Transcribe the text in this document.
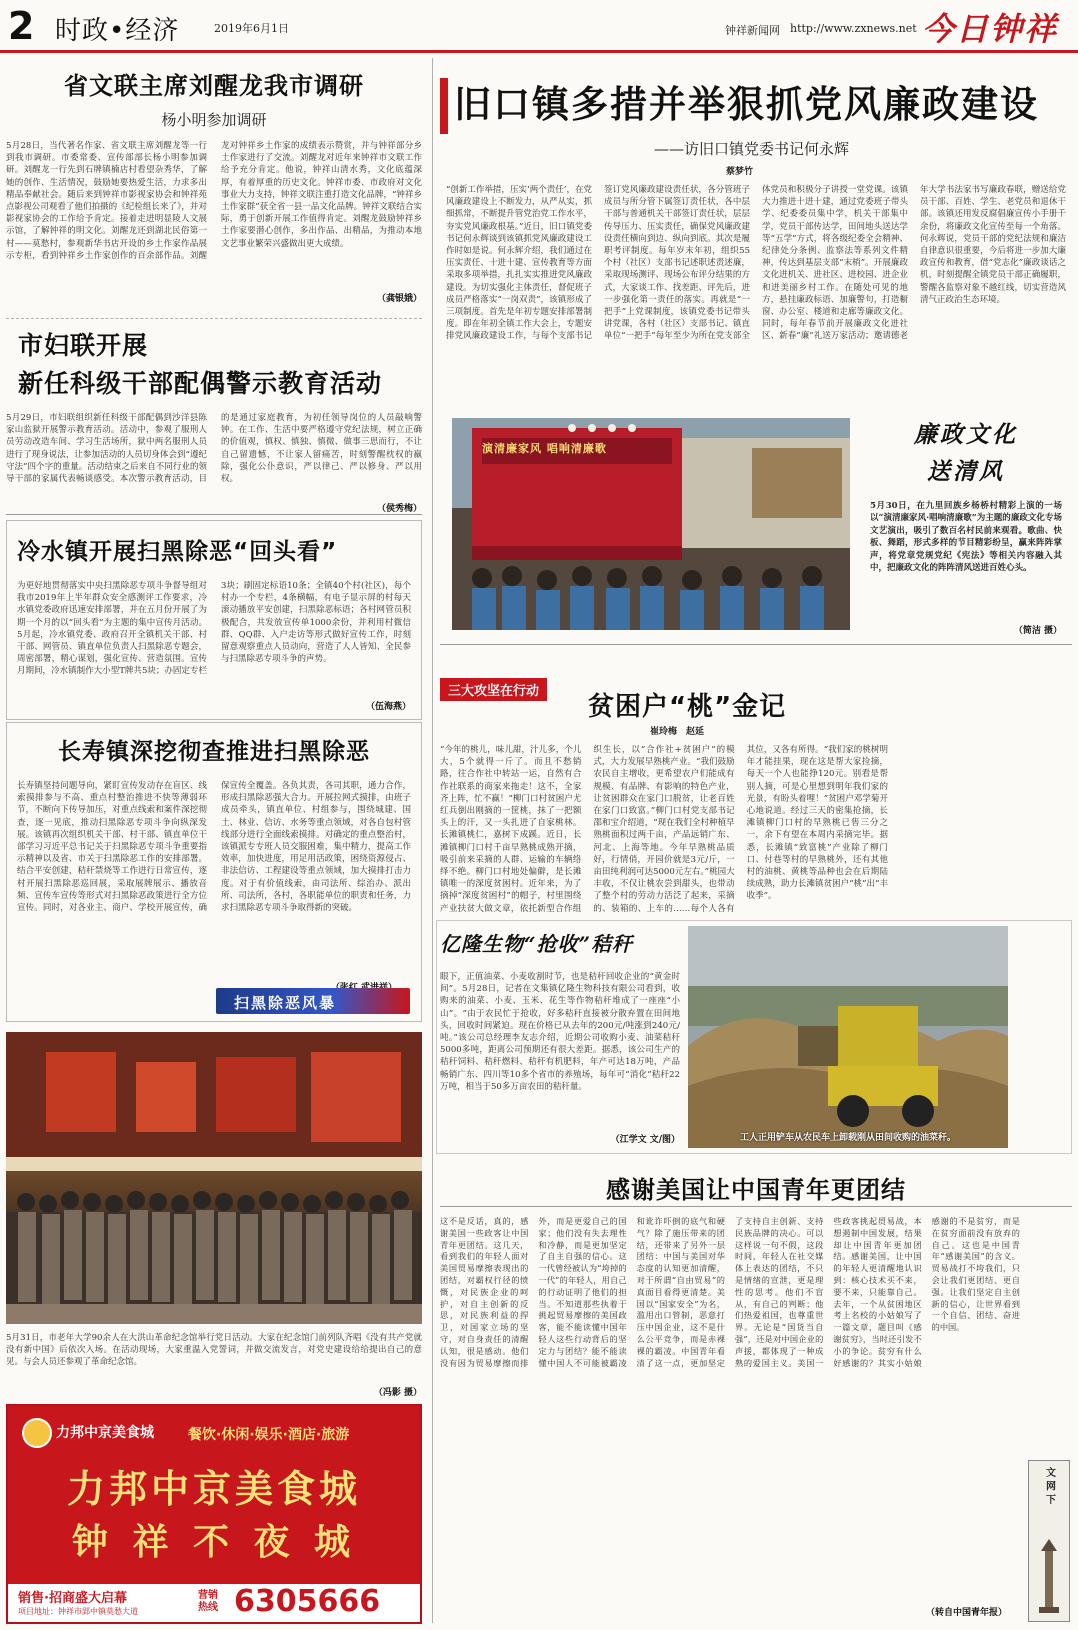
2 时政•经济	2019年6月1日	钟祥新闻网 http://www.zxnews.net 今日钟祥
省文联主席刘醒龙我市调研
杨小明参加调研
5月28日，当代著名作家、省文联主席刘醒龙等一行到我市调研。市委常委、宣传部部长杨小明参加调研。刘醒龙一行先到石牌镇楠店村看望杂秀华，了解她的创作、生活情况，鼓励她要热爱生活，力求多出精品奉献社会。随后来到钟祥市影视家协会和钟祥苑点影视公司观看了他们拍摄的《纪检组长来了》，并对影视家协会的工作给予肯定。接着走进明显陵人文展示馆，了解钟祥的明文化。刘醒龙还到湖北民俗第一村——莫愁村，参观新华书店开设的乡土作家作品展示专柜，看到钟祥乡土作家创作的百余部作品。刘醒龙对钟祥乡土作家的成绩表示赞赏，并与钟祥部分乡土作家进行了交流。刘醒龙对近年来钟祥市文联工作给予充分肯定。他说，钟祥山清水秀，文化底蕴深厚，有着厚重的历史文化。钟祥市委、市政府对文化事业大力支持，钟祥文联注重打造文化品牌，“钟祥乡土作家群”获全省一县一品文化品牌。钟祥文联结合实际，勇于创新开展工作值得肯定。刘醒龙鼓励钟祥乡土作家要潜心创作，多出作品、出精品，为推动本地文艺事业繁荣兴盛做出更大成绩。
（龚银娥）
市妇联开展
新任科级干部配偶警示教育活动
5月29日，市妇联组织新任科级干部配偶到沙洋县陈家山监狱开展警示教育活动。活动中，参观了服刑人员劳动改造车间、学习生活场所，狱中两名服刑人员进行了现身说法，让参加活动的人员切身体会到“遵纪守法”四个字的重量。活动结束之后来自不同行业的领导干部的家属代表畅谈感受。本次警示教育活动，目的是通过家庭教育，为初任领导岗位的人员敲响警钟。在工作、生活中要严格遵守党纪法规，树立正确的价值观，慎权、慎独、慎微、做事三思而行，不让自己留遗憾，不让家人留痛苦，时刻警醒枕权的羸除，强化公仆意识，严以律己、严以修身、严以用权。
（侯秀梅）
冷水镇开展扫黑除恶“回头看”
为更好地贯彻落实中央扫黑除恶专项斗争督导组对我市2019年上半年群众安全感测评工作要求，冷水镇党委政府迅速安排部署，并在五月份开展了为期一个月的以“回头看”为主题的集中宣传月活动。5月起，冷水镇党委、政府召开全镇机关干部、村干部、网管员、镇直单位负责人扫黑除恶专题会，周密部署，精心谋划，强化宣传、营造氛围。宣传月期间，冷水镇制作大小型T牌共5块；办固定专栏3块；刷固定标语10条；全镇40个村(社区)，每个村办一个专栏，4条横幅，有电子显示屏的村每天滚动播放平安创建，扫黑除恶标语；各村网管员积极配合，共发放宣传单1000余份，并利用村微信群、QQ群、入户走访等形式做好宣传工作，时刻留意观察重点人员动向，营造了人人皆知、全民参与扫黑除恶专项斗争的声势。
（伍海燕）
长寿镇深挖彻查推进扫黑除恶
长寿镇坚持问题导向，紧盯宣传发动存在盲区、线索摸排参与不高、重点村整治推进不快等薄弱环节，不断向下传导加压，对重点线索和案件深挖彻查，逐一见底，推动扫黑除恶专项斗争向纵深发展。该镇再次组织机关干部、村干部、镇直单位干部学习习近平总书记关于扫黑除恶专项斗争重要指示精神以及省、市关于扫黑除恶工作的安排部署。结合平安创建，秸秆禁烧等工作进行日常宣传，逐村开展扫黑除恶巡回展，采取展牌展示、播放音频、宣传车宣传等形式对扫黑除恶政策进行全方位宣传。同时，对各业主、商户、学校开展宣传，确保宣传全覆盖。各负其责，各司其职，通力合作，形成扫黑除恶强大合力。开展拉网式摸排，由班子成员牵头，镇直单位、村组参与，围绕城建、国土、林业、信访、水务等重点领域，对各自包村管线部分进行全面线索摸排。对确定的重点整治村，该镇派专专班人员交服困难，集中精力，提高工作效率，加快进度，用足用活政策，困绕资源侵占、非法信访、工程建设等重点领域，加大摸排打击力度。对于有价值线索，由司法所、综治办、派出所、司法所，各村，各职能单位的职责和任务，力求扫黑除恶专项斗争取得新的突破。
扫黑除恶风暴
5月31日，市老年大学90余人在大洪山革命纪念馆举行党日活动。大家在纪念馆门前列队齐唱《没有共产党就没有新中国》后依次入场。在活动现场，大家重温入党誓词，并做交流发言，对党史建设给给提出自己的意见。与会人员还参观了革命纪念馆。
（冯影 摄）
力邦中京美食城 餐饮·休闲·娱乐·酒店·旅游
力邦中京美食城
钟 祥 不 夜 城
销售·招商盛大启幕
项目地址：钟祥市郢中镇莫愁大道
营销热线 6305666
旧口镇多措并举狠抓党风廉政建设
——访旧口镇党委书记何永辉
蔡梦竹
“创新工作举措，压实‘两个责任’，在党风廉政建设上不断发力，从严从实，抓细抓常，不断提升管党治党工作水平，夯实党风廉政根基。”近日，旧口镇党委书记何永辉谈到该镇抓党风廉政建设工作时如是说。何永辉介绍，我们通过在压实责任、十进十建、宣传教育等方面采取多项举措，扎扎实实推进党风廉政建设。为切实强化主体责任，督促班子成员严格落实“一岗双责”，该镇形成了三项制度。首先是年初专题安排部署制度。即在年初全镇工作大会上，专题安排党风廉政建设工作，与每个支部书记签订党风廉政建设责任状，各分管班子成员与所分管下属签订责任状，各中层干部与普通机关干部签订责任状，层层传导压力、压实责任，确保党风廉政建设责任横向到边、纵向到底。其次是履职考评制度。每年岁末年初，组织55个村（社区）支部书记述职述责述廉，采取现场测评、现场公布评分结果的方式，大家谈工作、找差距、评先后，进一步强化第一责任的落实。再就是“一把手”上党课制度，该镇党委书记带头讲党课，各村（社区）支部书记、镇直单位“一把手”每年至少为所在党支部全体党员和积极分子讲授一堂党课。该镇大力推进十进十建，通过党委班子带头学、纪委委员集中学，机关干部集中学，党员干部传达学，田间地头送达学等“五学”方式，将各级纪委全会精神、纪律处分条例、监察法等系列文件精神，传达到基层支部“末梢”。开展廉政文化进机关、进社区、进校园、进企业和进美丽乡村工作。在随处可见的地方，悬挂廉政标语、加廉警句，打造橱窗、办公室、楼道和走廊等廉政文化。同时，每年春节前开展廉政文化进社区、新春“廉”礼送万家活动；邀请德老年大学书法家书写廉政春联，赠送给党员干部、百姓、学生、老党员和退休干部。该镇还用发反腐倡廉宣传小手册千余份，将廉政文化宣传至每一个角落。何永辉说，党员干部的党纪法规和廉洁自律意识很重要，今后将进一步加大廉政宣传和教育，借“党志化”廉政谈话之机，时刻提醒全镇党员干部正确履职，警醒各监察对象不越红线，切实营造风清气正政治生态环境。
演清廉家风 唱响清廉歌
廉政文化
送清风
5月30日，在九里回族乡杨桥村精彩上演的一场以“演清廉家风·唱响清廉歌”为主题的廉政文化专场文艺演出，吸引了数百名村民前来观看。歌曲、快板、舞蹈，形式多样的节目精彩纷呈，赢来阵阵掌声，将党章党规党纪《宪法》等相关内容融入其中，把廉政文化的阵阵清风送进百姓心头。
（简洁 摄）
三大攻坚在行动
贫困户“桃”金记
崔玲梅　赵延
“今年的桃儿，味儿甜，汁儿多，个儿大，5个就得一斤了。而且不愁销路，往合作社中转站一运，自然有合作社联系的商家来拖走！这不，全家齐上阵，忙不赢！”柳门口村贫困户尤红兵倒出刚摘的一筐桃，抹了一把额头上的汗，又一头扎进了自家桃林。长滩镇桃仁，嘉树下成蹊。近日，长滩镇柳门口村千亩早熟桃成熟开摘，吸引前来采摘的人群、运输的车辆络绎不绝。柳门口村地处偏僻，是长滩镇唯一的深度贫困村。近年来，为了摘掉“深度贫困村”的帽子，村里围绕产业扶贫大做文章，依托新型合作组织生长，以“合作社+贫困户”的模式，大力发展早熟桃产业。“我们鼓励农民自主增收，更希望农户们能成有规模、有品牌、有影响的特色产业，让贫困群众在家门口脱贫，让老百姓在家门口致富。”柳门口村党支部书记邵和宝介绍道，“现在我们全村种植早熟桃面积过两千亩，产品远销广东、河北、上海等地。今年早熟桃品质好，行情俏，开园价就是3元/斤，一亩田纯利润可达5000元左右。”桃园大丰收，不仅让桃农尝到甜头，也带动了整个村的劳动力活泛了起来，采摘的、装箱的、上车的……每个人各有其位，又各有所得。“我们家的桃树明年才能挂果，现在这是帮大家捡摘，每天一个人也能挣120元。别看是帮别人摘，可是心里想到明年我们家的光景，有盼头着哩！”贫困户邓学菊开心地说道。经过三天的密集抢摘，长滩镇柳门口村的早熟桃已售三分之一，余下有望在本周内采摘完毕。据悉，长滩镇“致富桃”产业除了柳门口、付巷等村的早熟桃外，还有其他村的油桃、黄桃等品种也会在后期陆续成熟，助力长滩镇贫困户“桃”出“丰收季”。
亿隆生物“抢收”秸秆
眼下，正值油菜、小麦收割时节，也是秸秆回收企业的“黄金时间”。5月28日，记者在文集镇亿隆生物科技有限公司看到，收购来的油菜、小麦、玉米、花生等作物秸秆堆成了一座座“小山”。“由于农民忙于抢收，好多秸秆直接被分散弃置在田间地头，回收时间紧迫。现在价格已从去年的200元/吨涨到240元/吨。”该公司总经理李友志介绍，近期公司收购小麦、油菜秸秆5000多吨，距离公司预期还有很大差距。据悉，该公司生产的秸秆饲料、秸秆燃料、秸秆有机肥料，年产可达18万吨，产品畅销广东、四川等10多个省市的养殖场，每年可“消化”秸秆22万吨，相当于50多万亩农田的秸秆量。
（江学文 文/图）	工人正用铲车从农民车上卸载刚从田间收购的油菜秆。
感谢美国让中国青年更团结
这不是反话，真的，感谢美国一些政客让中国青年更团结。这几天，看到我们的年轻人面对美国贸易摩擦表现出的团结，对霸权行径的愤慨，对民族企业的呵护，对自主创新的反思，对民族利益的捍卫，对国家立场的坚守，对自身责任的清醒认知，很是感动。他们没有因为贸易摩擦而排外，而是更爱自己的国家；他们没有失去理性和冷静，而是更加坚定了自主自强的信心。这一代曾经被认为“垮掉的一代”的年轻人，用自己的行动证明了他们的担当。不知道那些执着于挑起贸易摩擦的美国政客，能不能读懂中国年轻人这些行动背后的坚定力与团结？能不能读懂中国人不可能被霸凌和讹诈吓倒的底气和硬气？除了施压带来的团结，还带来了另外一层团结：中国与美国对华态度的认知更加清醒，对于所谓“自由贸易”的真面目看得更清楚。美国以“国家安全”为名，滥用出口管制，恶意打压中国企业，这不是什么公平竞争，而是赤裸裸的霸凌。中国青年看清了这一点，更加坚定了支持自主创新、支持民族品牌的决心。可以这样说一句不假，这段时间，年轻人在社交媒体上表达的团结，不只是情绪的宣泄，更是理性的思考。他们不盲从，有自己的判断；他们热爱祖国，也尊重世界。无论是“国货当自强”，还是对中国企业的声援，都体现了一种成熟的爱国主义。美国一些政客挑起贸易战，本想遏制中国发展，结果却让中国青年更加团结。感谢美国，让中国的年轻人更清醒地认识到：核心技术买不来，要不来，只能靠自己。去年，一个从贫困地区考上名校的小姑娘写了一篇文章，题目叫《感谢贫穷》，当时还引发不小的争论。贫穷有什么好感谢的？其实小姑娘感谢的不是贫穷，而是在贫穷面前没有放弃的自己。这也是中国青年“感谢美国”的含义。贸易战打不垮我们，只会让我们更团结、更自强。让我们坚定自主创新的信心，让世界看到一个自信、团结、奋进的中国。
（转自中国青年报）
文 网 下
